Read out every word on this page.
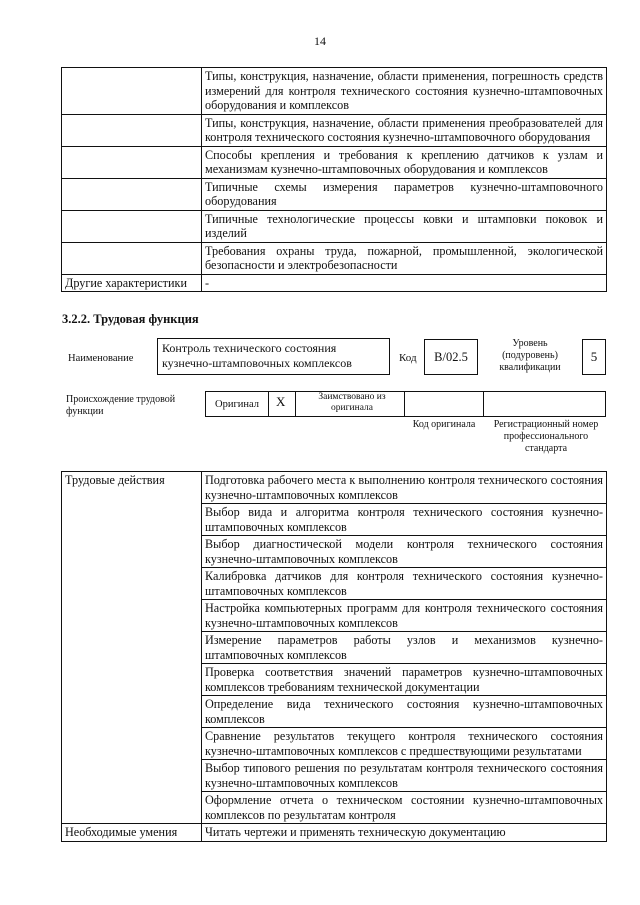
14
	Типы, конструкция, назначение, области применения, погрешность средств измерений для контроля технического состояния кузнечно-штамповочных оборудования и комплексов
	Типы, конструкция, назначение, области применения преобразователей для контроля технического состояния кузнечно-штамповочного оборудования
	Способы крепления и требования к креплению датчиков к узлам и механизмам кузнечно-штамповочных оборудования и комплексов
	Типичные схемы измерения параметров кузнечно-штамповочного оборудования
	Типичные технологические процессы ковки и штамповки поковок и изделий
	Требования охраны труда, пожарной, промышленной, экологической безопасности и электробезопасности
Другие характеристики	-
3.2.2. Трудовая функция
Наименование
Контроль технического состояния кузнечно-штамповочных комплексов	Код B/02.5
Уровень (подуровень) квалификации
5
Происхождение трудовой функции
Оригинал X	Заимствовано из оригинала
Код оригинала	Регистрационный номер профессионального стандарта
Трудовые действия	Подготовка рабочего места к выполнению контроля технического состояния кузнечно-штамповочных комплексов
	Выбор вида и алгоритма контроля технического состояния кузнечно-штамповочных комплексов
	Выбор диагностической модели контроля технического состояния кузнечно-штамповочных комплексов
	Калибровка датчиков для контроля технического состояния кузнечно-штамповочных комплексов
	Настройка компьютерных программ для контроля технического состояния кузнечно-штамповочных комплексов
	Измерение параметров работы узлов и механизмов кузнечно-штамповочных комплексов
	Проверка соответствия значений параметров кузнечно-штамповочных комплексов требованиям технической документации
	Определение вида технического состояния кузнечно-штамповочных комплексов
	Сравнение результатов текущего контроля технического состояния кузнечно-штамповочных комплексов с предшествующими результатами
	Выбор типового решения по результатам контроля технического состояния кузнечно-штамповочных комплексов
	Оформление отчета о техническом состоянии кузнечно-штамповочных комплексов по результатам контроля
Необходимые умения	Читать чертежи и применять техническую документацию
